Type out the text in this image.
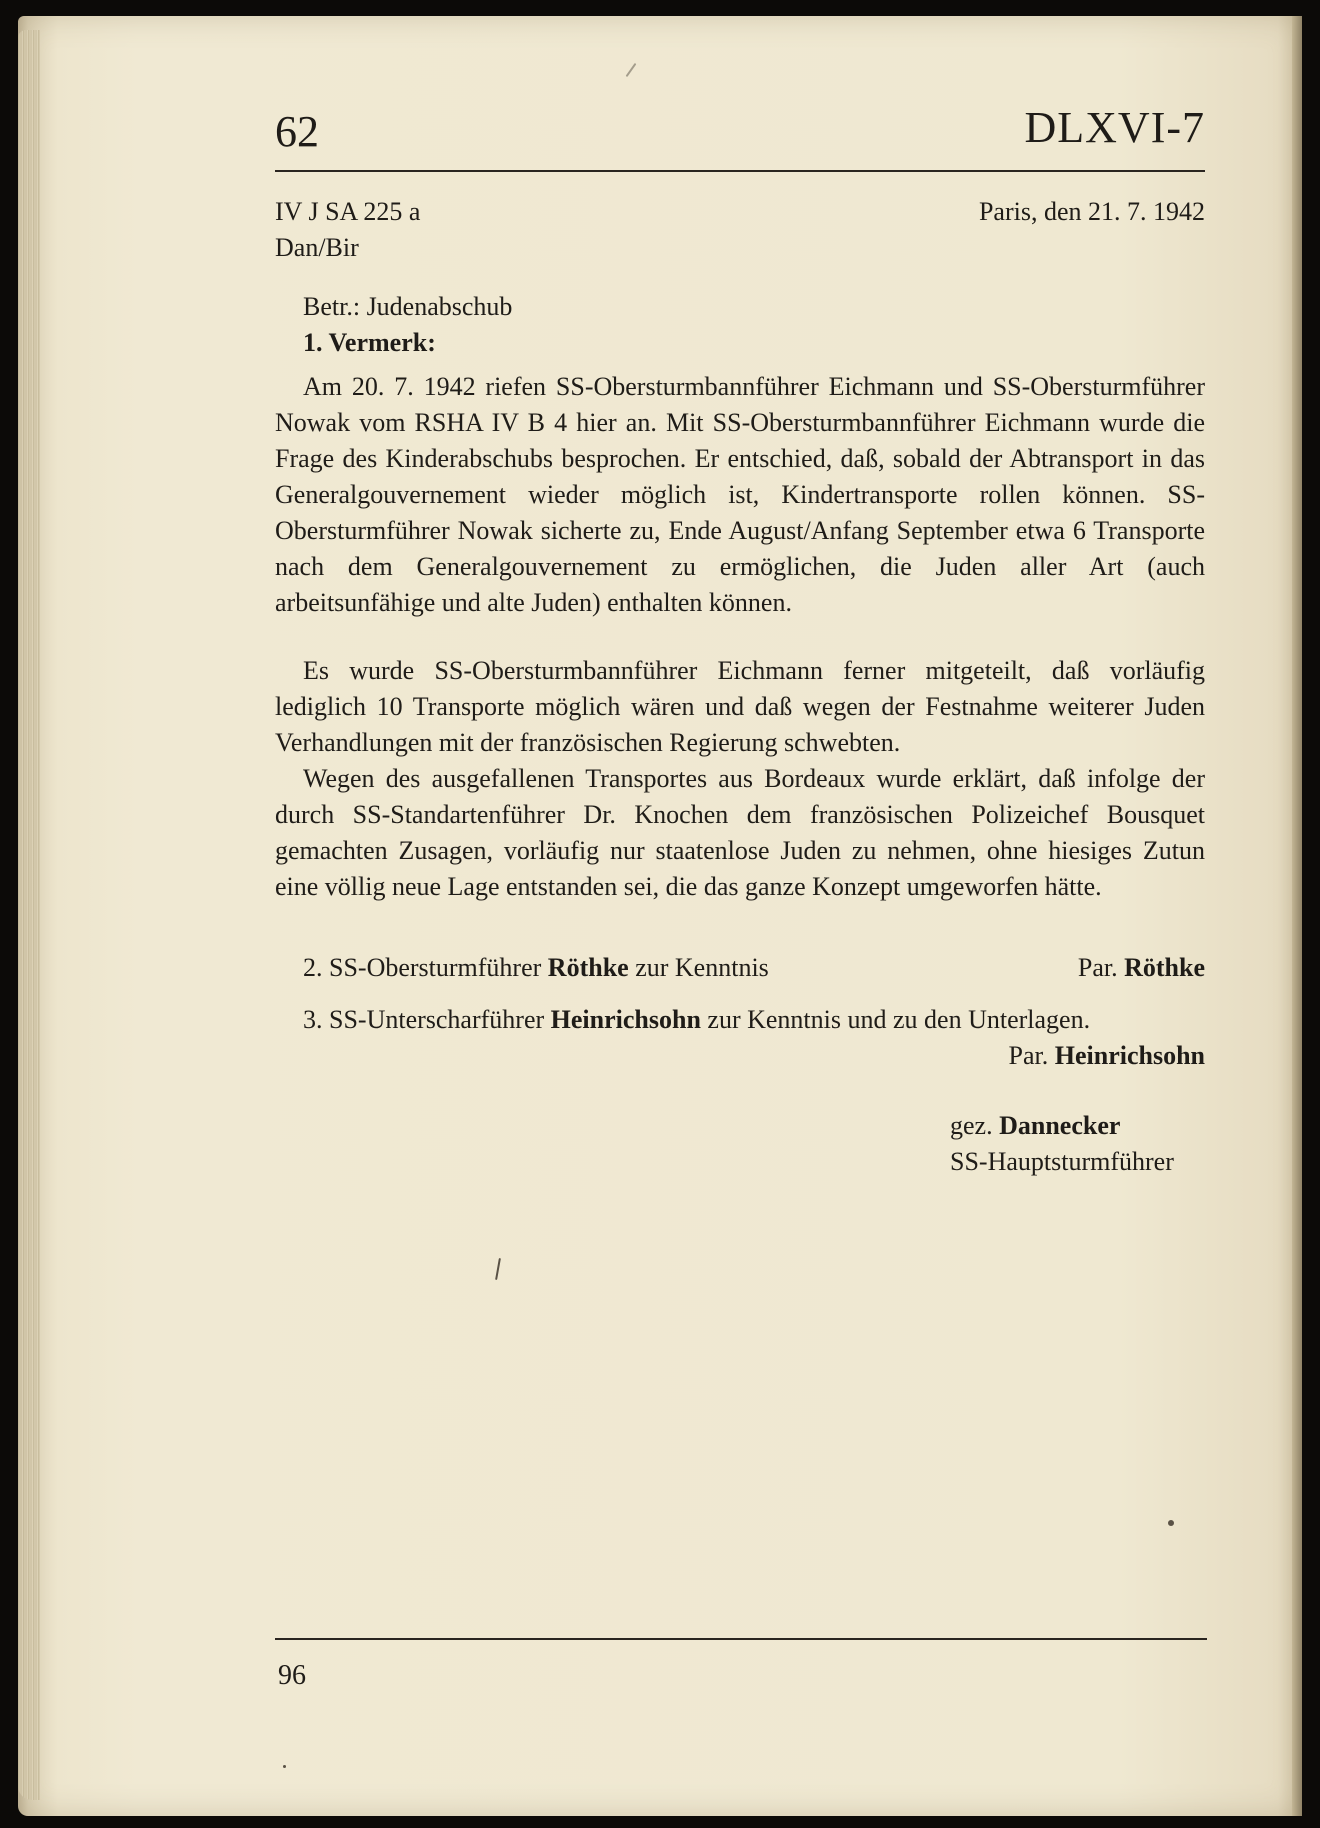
62	DLXVI-7
IV J SA 225 a
Dan/Bir
Paris, den 21. 7. 1942
Betr.: Judenabschub
1. Vermerk:

Am 20. 7. 1942 riefen SS-Obersturmbannführer Eichmann und SS-Obersturmführer Nowak vom RSHA IV B 4 hier an. Mit SS-Obersturmbannführer Eichmann wurde die Frage des Kinderabschubs besprochen. Er entschied, daß, sobald der Abtransport in das Generalgouvernement wieder möglich ist, Kindertransporte rollen können. SS-Obersturmführer Nowak sicherte zu, Ende August/Anfang September etwa 6 Transporte nach dem Generalgouvernement zu ermöglichen, die Juden aller Art (auch arbeitsunfähige und alte Juden) enthalten können.

Es wurde SS-Obersturmbannführer Eichmann ferner mitgeteilt, daß vorläufig lediglich 10 Transporte möglich wären und daß wegen der Festnahme weiterer Juden Verhandlungen mit der französischen Regierung schwebten.

Wegen des ausgefallenen Transportes aus Bordeaux wurde erklärt, daß infolge der durch SS-Standartenführer Dr. Knochen dem französischen Polizeichef Bousquet gemachten Zusagen, vorläufig nur staatenlose Juden zu nehmen, ohne hiesiges Zutun eine völlig neue Lage entstanden sei, die das ganze Konzept umgeworfen hätte.

2. SS-Obersturmführer Röthke zur Kenntnis	Par. Röthke

3. SS-Unterscharführer Heinrichsohn zur Kenntnis und zu den Unterlagen.

Par. Heinrichsohn
gez. Dannecker
SS-Hauptsturmführer
96
